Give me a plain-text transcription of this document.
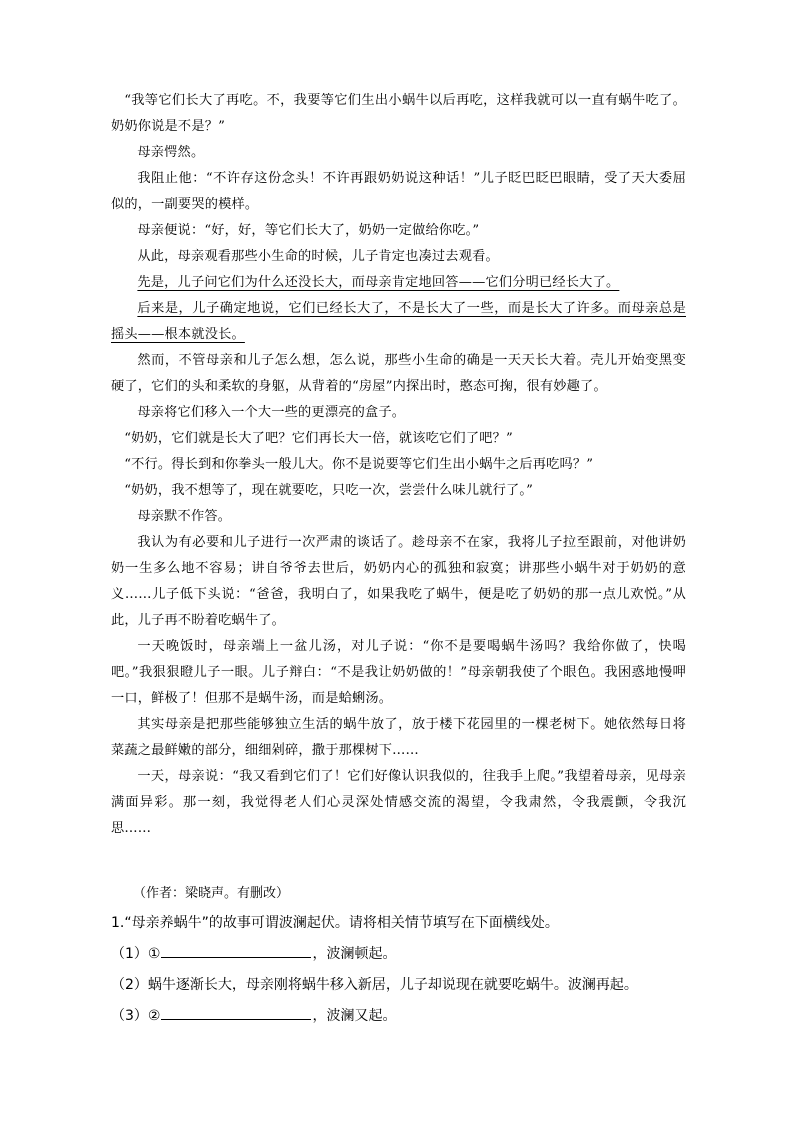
“我等它们长大了再吃。不，我要等它们生出小蜗牛以后再吃，这样我就可以一直有蜗牛吃了。奶奶你说是不是？”

母亲愕然。

我阻止他：“不许存这份念头！不许再跟奶奶说这种话！”儿子眨巴眨巴眼睛，受了天大委屈似的，一副要哭的模样。

母亲便说：“好，好，等它们长大了，奶奶一定做给你吃。”

从此，母亲观看那些小生命的时候，儿子肯定也凑过去观看。

先是，儿子问它们为什么还没长大，而母亲肯定地回答——它们分明已经长大了。

后来是，儿子确定地说，它们已经长大了，不是长大了一些，而是长大了许多。而母亲总是摇头——根本就没长。

然而，不管母亲和儿子怎么想，怎么说，那些小生命的确是一天天长大着。壳儿开始变黑变硬了，它们的头和柔软的身躯，从背着的“房屋”内探出时，憨态可掬，很有妙趣了。

母亲将它们移入一个大一些的更漂亮的盒子。

“奶奶，它们就是长大了吧？它们再长大一倍，就该吃它们了吧？”

“不行。得长到和你拳头一般儿大。你不是说要等它们生出小蜗牛之后再吃吗？”

“奶奶，我不想等了，现在就要吃，只吃一次，尝尝什么味儿就行了。”

母亲默不作答。

我认为有必要和儿子进行一次严肃的谈话了。趁母亲不在家，我将儿子拉至跟前，对他讲奶奶一生多么地不容易；讲自爷爷去世后，奶奶内心的孤独和寂寞；讲那些小蜗牛对于奶奶的意义……儿子低下头说：“爸爸，我明白了，如果我吃了蜗牛，便是吃了奶奶的那一点儿欢悦。”从此，儿子再不盼着吃蜗牛了。

一天晚饭时，母亲端上一盆儿汤，对儿子说：“你不是要喝蜗牛汤吗？我给你做了，快喝吧。”我狠狠瞪儿子一眼。儿子辩白：“不是我让奶奶做的！”母亲朝我使了个眼色。我困惑地慢呷一口，鲜极了！但那不是蜗牛汤，而是蛤蜊汤。

其实母亲是把那些能够独立生活的蜗牛放了，放于楼下花园里的一棵老树下。她依然每日将菜蔬之最鲜嫩的部分，细细剁碎，撒于那棵树下……

一天，母亲说：“我又看到它们了！它们好像认识我似的，往我手上爬。”我望着母亲，见母亲满面异彩。那一刻，我觉得老人们心灵深处情感交流的渴望，令我肃然，令我震颤，令我沉思……

（作者：梁晓声。有删改）
1.“母亲养蜗牛”的故事可谓波澜起伏。请将相关情节填写在下面横线处。
（1）①	，波澜顿起。
（2）蜗牛逐渐长大，母亲刚将蜗牛移入新居，儿子却说现在就要吃蜗牛。波澜再起。
（3）②	，波澜又起。
